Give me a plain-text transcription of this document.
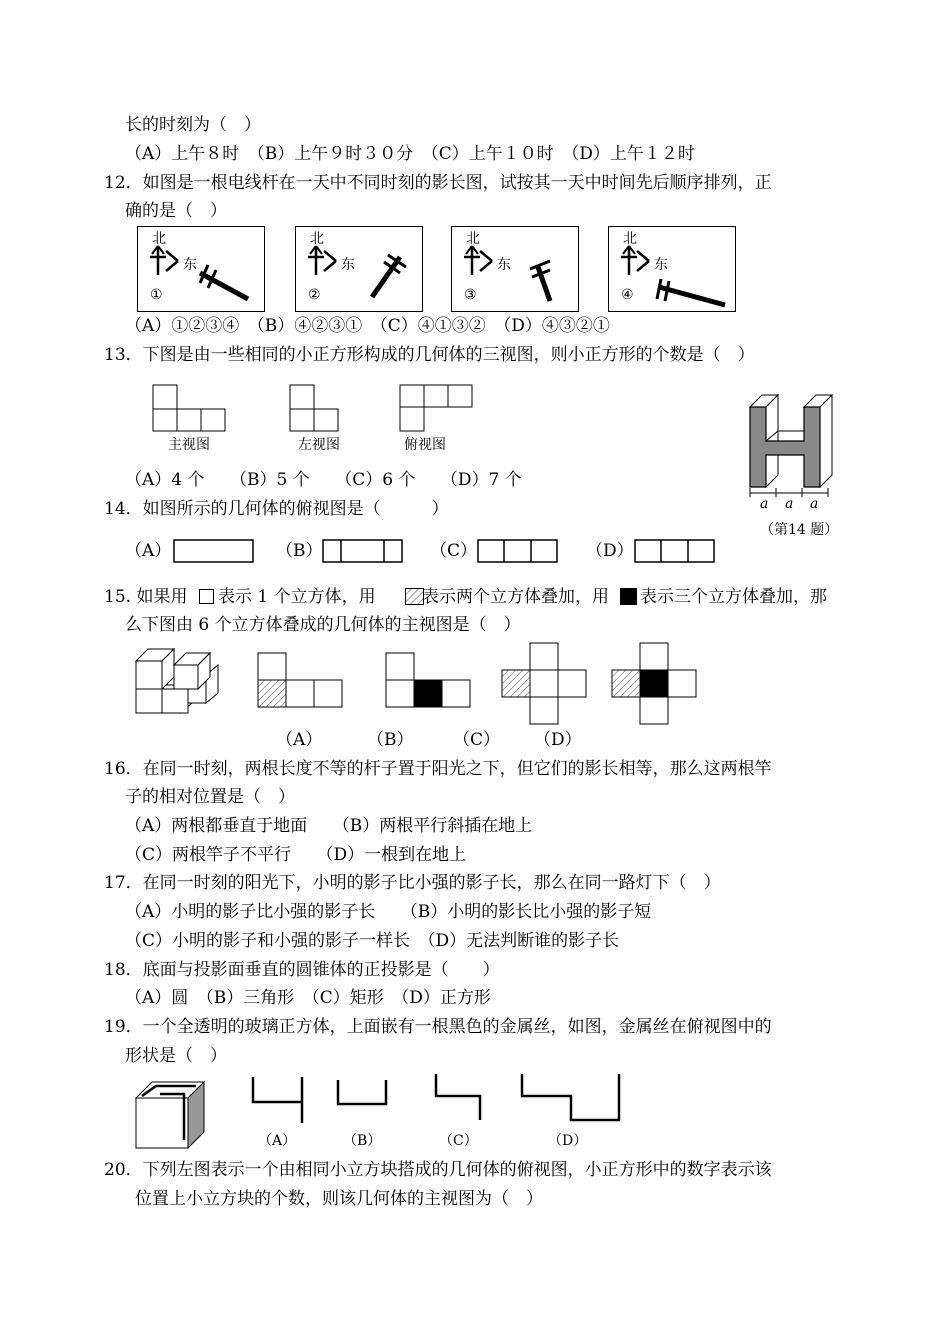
长的时刻为（　）
（A）上午８时　（B）上午９时３０分　（C）上午１０时　（D）上午１２时
12．如图是一根电线杆在一天中不同时刻的影长图，试按其一天中时间先后顺序排列，正
确的是（　）
北
东
①
北
东
②
北
东
③
北
东
④
（A）①②③④　（B）④②③①　（C）④①③②　（D）④③②①
13．下图是由一些相同的小正方形构成的几何体的三视图，则小正方形的个数是（　）
主视图	左视图	俯视图
a a a
（第14 题）
（A）4 个　　（B）5 个　　（C）6 个　　（D）7 个
14．如图所示的几何体的俯视图是（　　　）
（A）	（B）	（C）	（D）
15. 如果用 表示 1 个立方体，用	表示两个立方体叠加，用 表示三个立方体叠加，那
么下图由 6 个立方体叠成的几何体的主视图是（　）
（A）	（B） （C） （D）
16．在同一时刻，两根长度不等的杆子置于阳光之下，但它们的影长相等，那么这两根竿
子的相对位置是（　）
（A）两根都垂直于地面　　（B）两根平行斜插在地上
（C）两根竿子不平行　　（D）一根到在地上
17．在同一时刻的阳光下，小明的影子比小强的影子长，那么在同一路灯下（　）
（A）小明的影子比小强的影子长　　（B）小明的影长比小强的影子短
（C）小明的影子和小强的影子一样长　（D）无法判断谁的影子长
18．底面与投影面垂直的圆锥体的正投影是（　　）
（A）圆　（B）三角形　（C）矩形　（D）正方形
19．一个全透明的玻璃正方体，上面嵌有一根黑色的金属丝，如图，金属丝在俯视图中的
形状是（　）
（A）	（B）	（C）	（D）
20．下列左图表示一个由相同小立方块搭成的几何体的俯视图，小正方形中的数字表示该
位置上小立方块的个数，则该几何体的主视图为（　）
